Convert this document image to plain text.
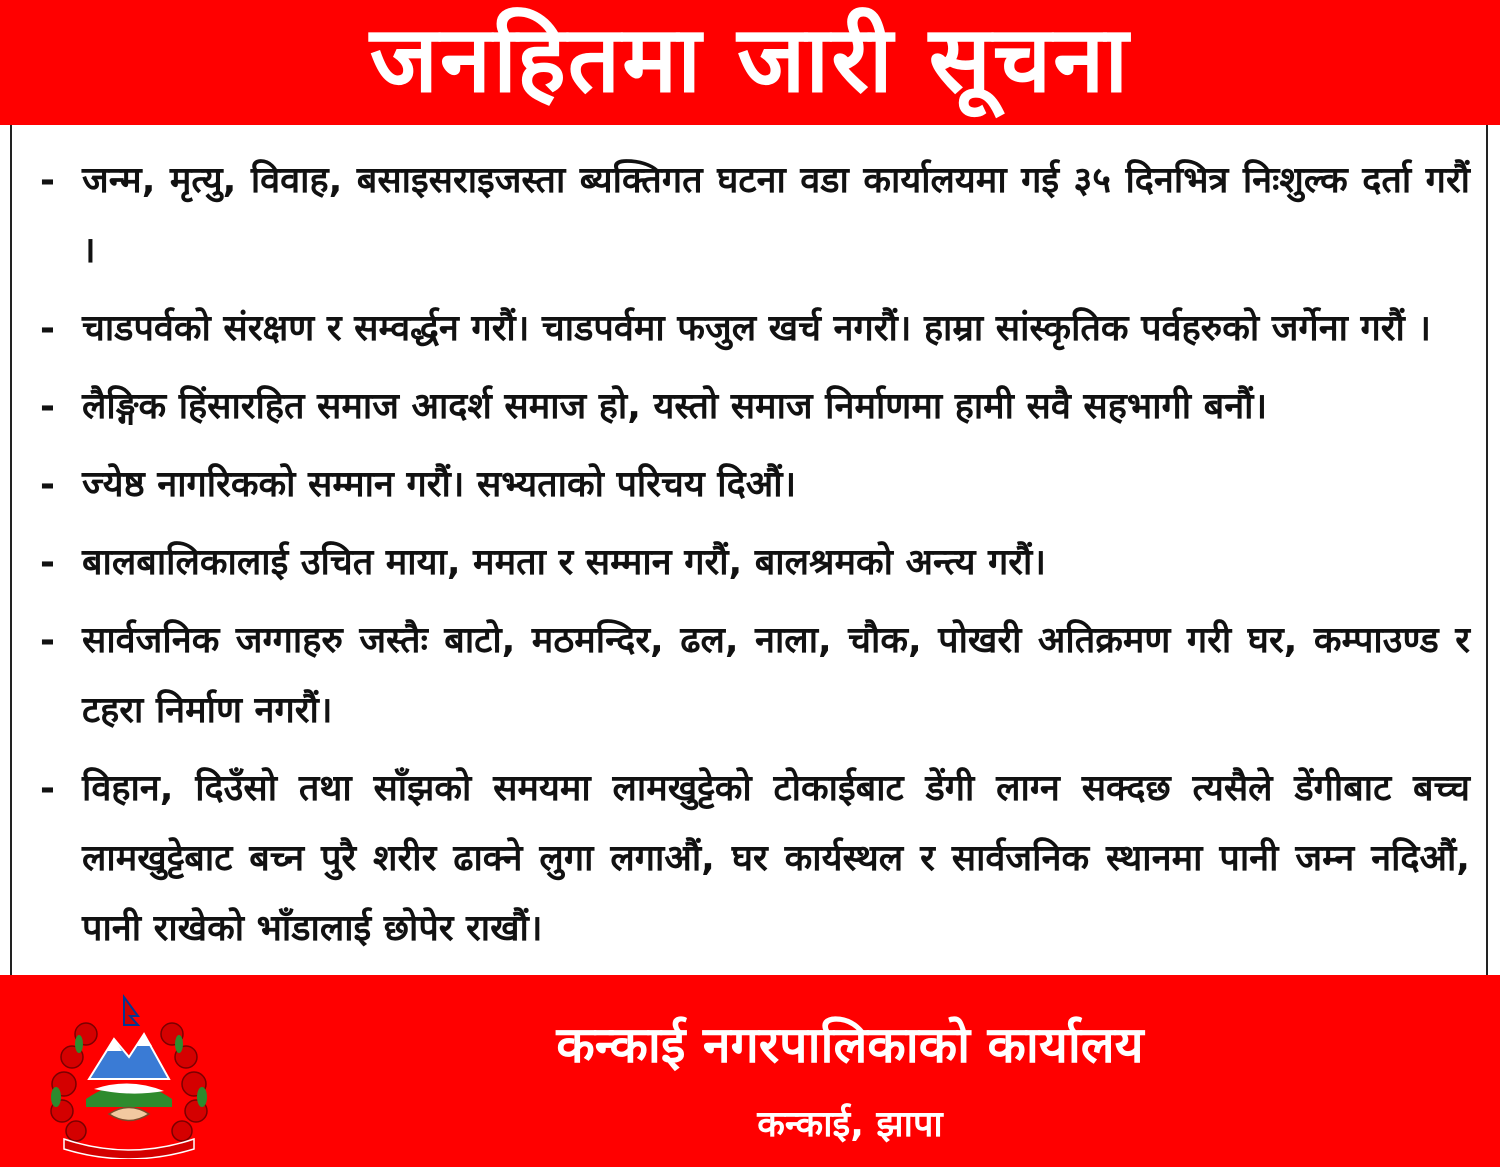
जनहितमा जारी सूचना
- जन्म, मृत्यु, विवाह, बसाइसराइजस्ता ब्यक्तिगत घटना वडा कार्यालयमा गई ३५ दिनभित्र निःशुल्क दर्ता गरौं ।
- चाडपर्वको संरक्षण र सम्वर्द्धन गरौं। चाडपर्वमा फजुल खर्च नगरौं। हाम्रा सांस्कृतिक पर्वहरुको जर्गेना गरौं ।
- लैङ्गिक हिंसारहित समाज आदर्श समाज हो, यस्तो समाज निर्माणमा हामी सवै सहभागी बनौं।
- ज्येष्ठ नागरिकको सम्मान गरौं। सभ्यताको परिचय दिऔं।
- बालबालिकालाई उचित माया, ममता र सम्मान गरौं, बालश्रमको अन्त्य गरौं।
- सार्वजनिक जग्गाहरु जस्तैः बाटो, मठमन्दिर, ढल, नाला, चौक, पोखरी अतिक्रमण गरी घर, कम्पाउण्ड र टहरा निर्माण नगरौं।
- विहान, दिउँसो तथा साँझको समयमा लामखुट्टेको टोकाईबाट डेंगी लाग्न सक्दछ त्यसैले डेंगीबाट बच्च लामखुट्टेबाट बच्न पुरै शरीर ढाक्ने लुगा लगाऔं, घर कार्यस्थल र सार्वजनिक स्थानमा पानी जम्न नदिऔं, पानी राखेको भाँडालाई छोपेर राखौं।
कन्काई नगरपालिकाको कार्यालय
कन्काई, झापा
